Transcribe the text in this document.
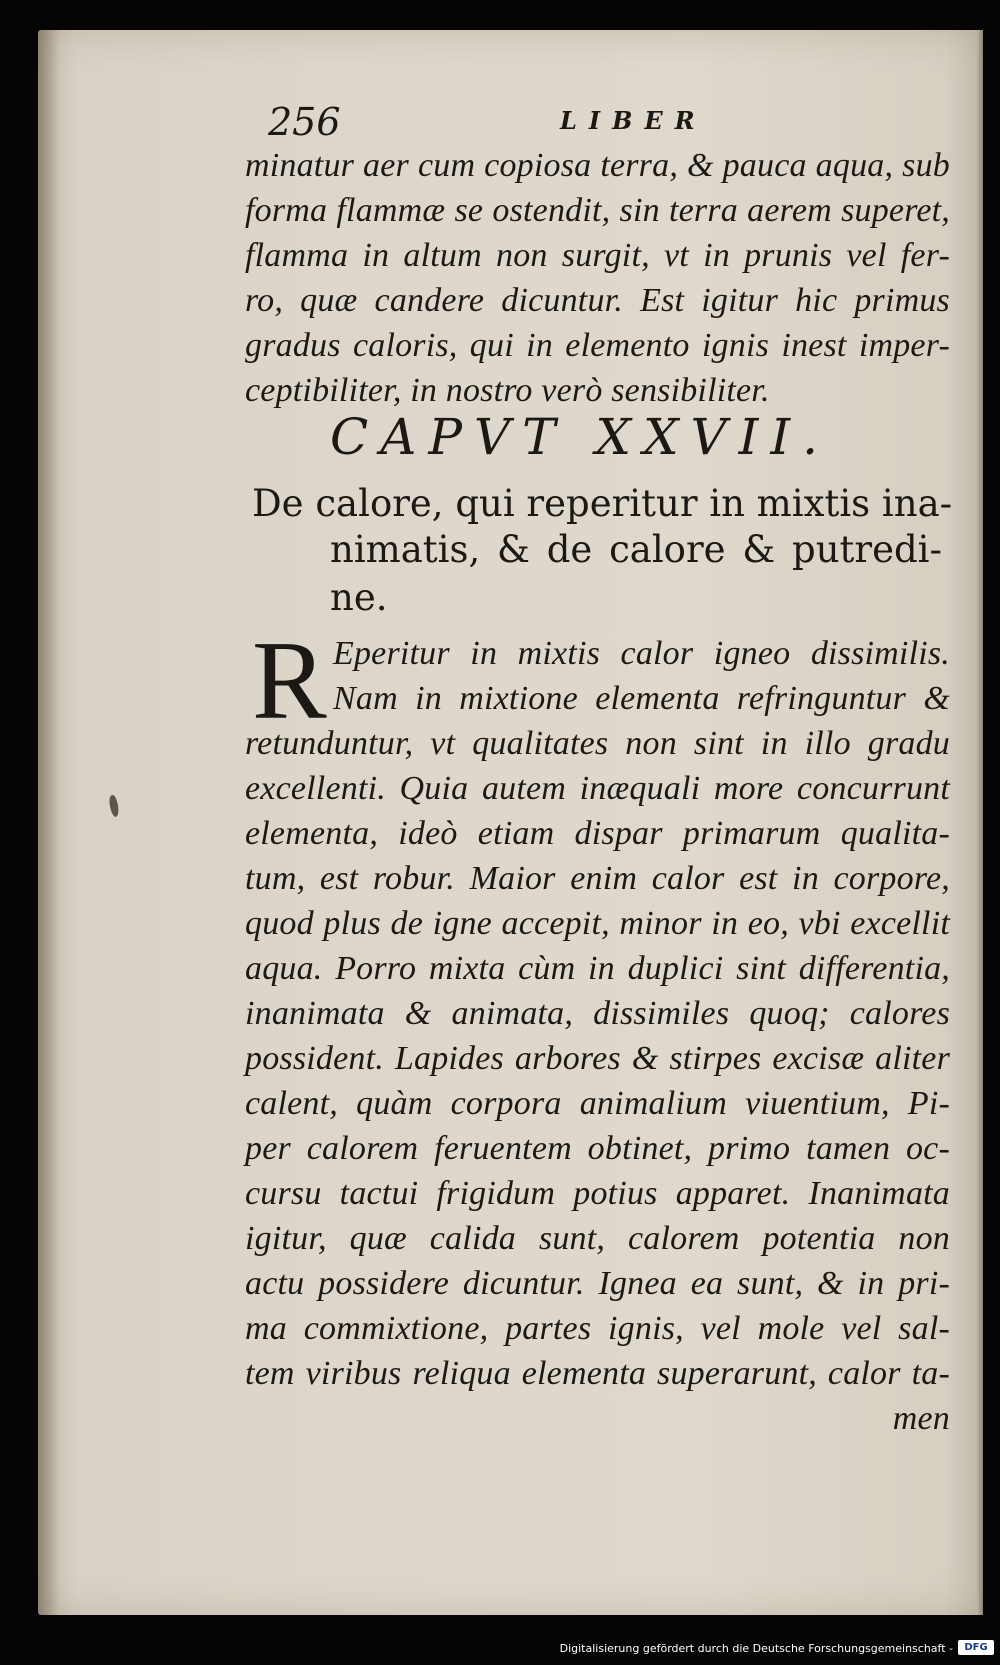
256	LIBER
minatur aer cum copiosa terra, & pauca aqua, sub
forma flammæ se ostendit, sin terra aerem superet,
flamma in altum non surgit, vt in prunis vel fer-
ro, quæ candere dicuntur. Est igitur hic primus
gradus caloris, qui in elemento ignis inest imper-
ceptibiliter, in nostro verò sensibiliter.
CAPVT XXVII.
De calore, qui reperitur in mixtis ina-
nimatis, & de calore & putredi-
ne.
R Eperitur in mixtis calor igneo dissimilis.
Nam in mixtione elementa refringuntur &
retunduntur, vt qualitates non sint in illo gradu
excellenti. Quia autem inæquali more concurrunt
elementa, ideò etiam dispar primarum qualita-
tum, est robur. Maior enim calor est in corpore,
quod plus de igne accepit, minor in eo, vbi excellit
aqua. Porro mixta cùm in duplici sint differentia,
inanimata & animata, dissimiles quoq; calores
possident. Lapides arbores & stirpes excisæ aliter
calent, quàm corpora animalium viuentium, Pi-
per calorem feruentem obtinet, primo tamen oc-
cursu tactui frigidum potius apparet. Inanimata
igitur, quæ calida sunt, calorem potentia non
actu possidere dicuntur. Ignea ea sunt, & in pri-
ma commixtione, partes ignis, vel mole vel sal-
tem viribus reliqua elementa superarunt, calor ta-
men
Digitalisierung gefördert durch die Deutsche Forschungsgemeinschaft -	DFG
